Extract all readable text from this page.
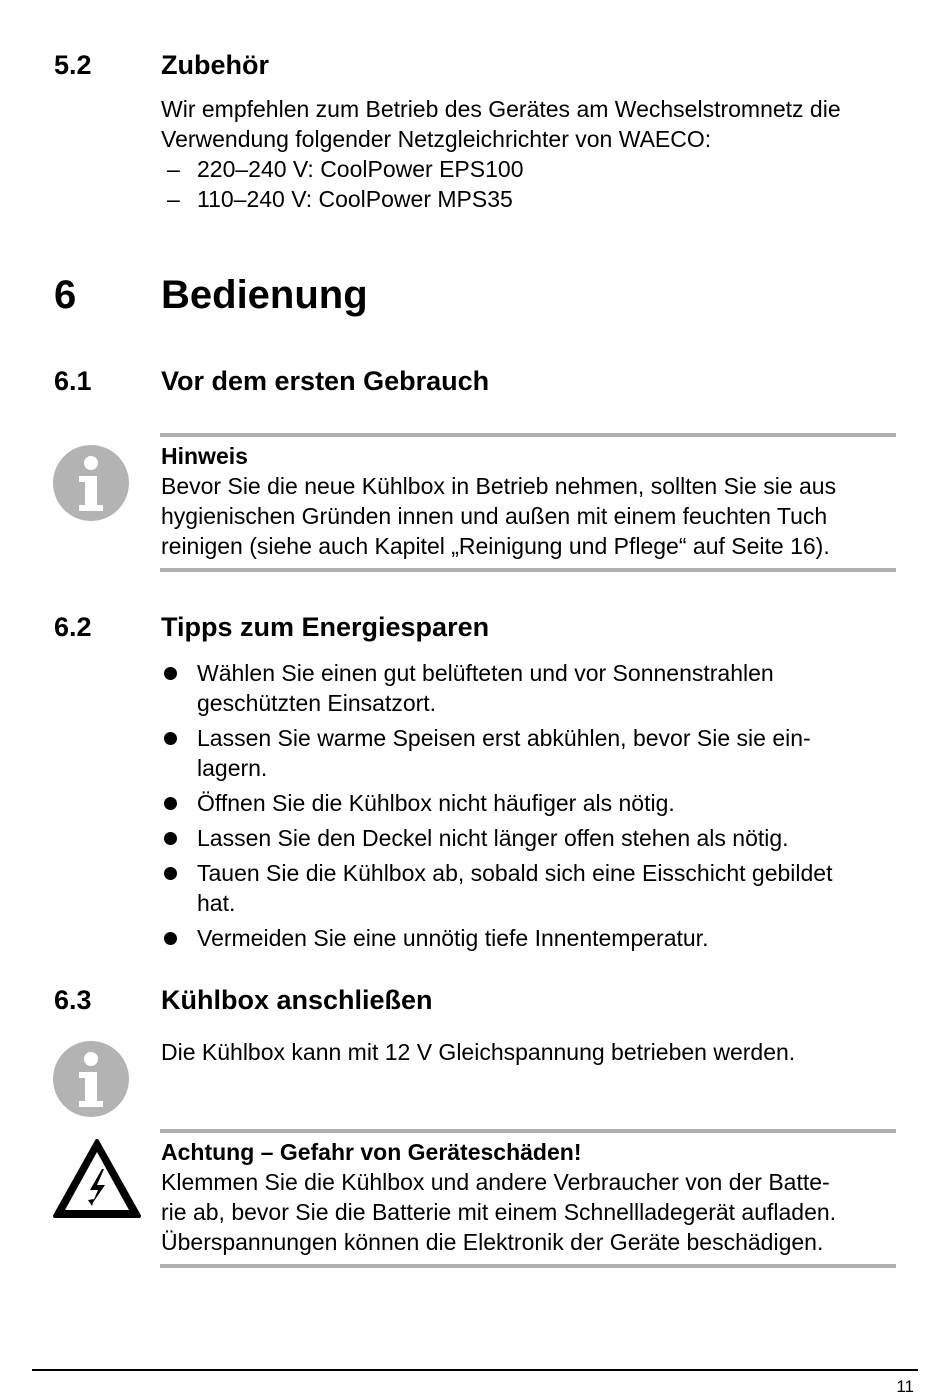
5.2	Zubehör
Wir empfehlen zum Betrieb des Gerätes am Wechselstromnetz die
Verwendung folgender Netzgleichrichter von WAECO:
– 220–240 V: CoolPower EPS100
– 110–240 V: CoolPower MPS35
6 Bedienung
6.1	Vor dem ersten Gebrauch
Hinweis
Bevor Sie die neue Kühlbox in Betrieb nehmen, sollten Sie sie aus
hygienischen Gründen innen und außen mit einem feuchten Tuch
reinigen (siehe auch Kapitel „Reinigung und Pflege“ auf Seite 16).
6.2	Tipps zum Energiesparen
Wählen Sie einen gut belüfteten und vor Sonnenstrahlen
geschützten Einsatzort.
Lassen Sie warme Speisen erst abkühlen, bevor Sie sie ein-
lagern.
Öffnen Sie die Kühlbox nicht häufiger als nötig.
Lassen Sie den Deckel nicht länger offen stehen als nötig.
Tauen Sie die Kühlbox ab, sobald sich eine Eisschicht gebildet
hat.
Vermeiden Sie eine unnötig tiefe Innentemperatur.
6.3	Kühlbox anschließen
Die Kühlbox kann mit 12 V Gleichspannung betrieben werden.
Achtung – Gefahr von Geräteschäden!
Klemmen Sie die Kühlbox und andere Verbraucher von der Batte-
rie ab, bevor Sie die Batterie mit einem Schnellladegerät aufladen.
Überspannungen können die Elektronik der Geräte beschädigen.
11
